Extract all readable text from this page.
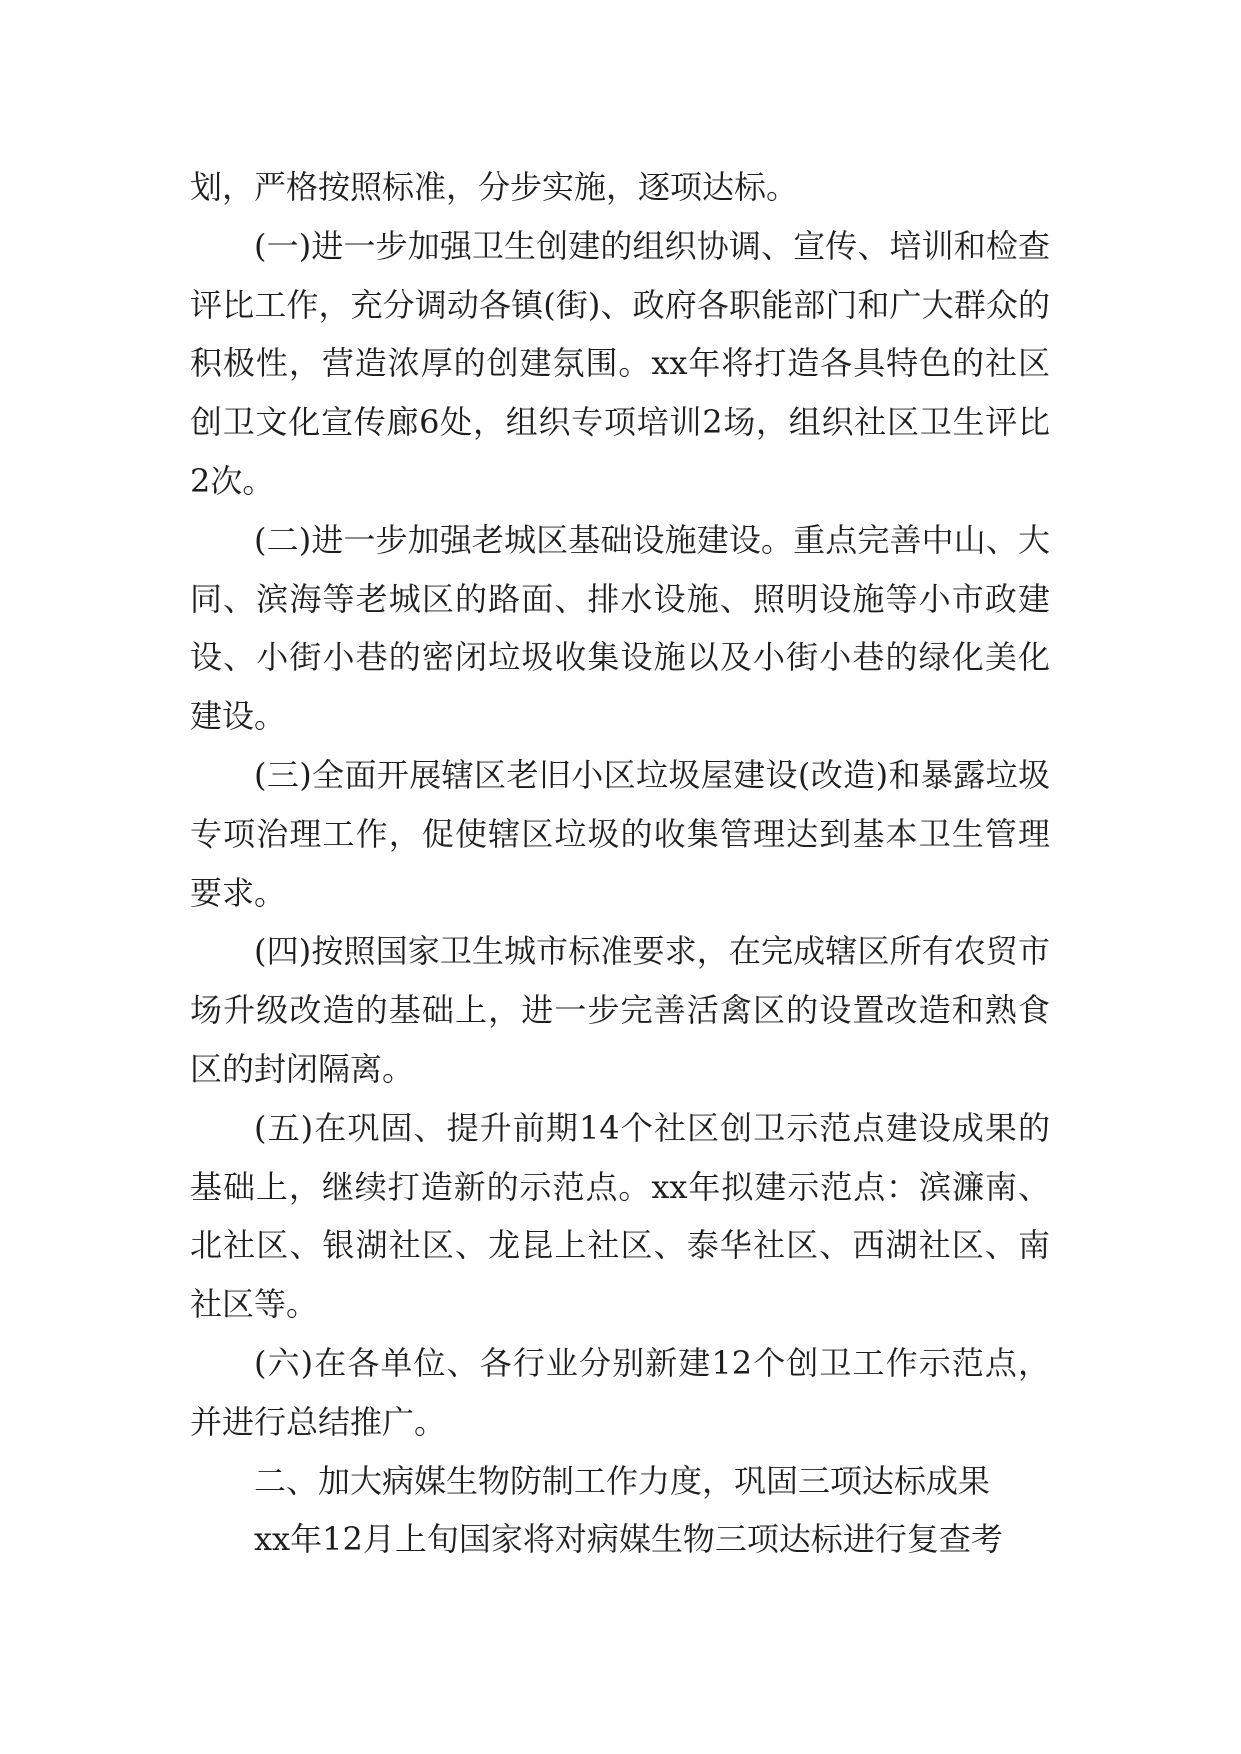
划，严格按照标准，分步实施，逐项达标。

(一)进一步加强卫生创建的组织协调、宣传、培训和检查评比工作，充分调动各镇(街)、政府各职能部门和广大群众的积极性，营造浓厚的创建氛围。xx年将打造各具特色的社区创卫文化宣传廊6处，组织专项培训2场，组织社区卫生评比2次。

(二)进一步加强老城区基础设施建设。重点完善中山、大同、滨海等老城区的路面、排水设施、照明设施等小市政建设、小街小巷的密闭垃圾收集设施以及小街小巷的绿化美化建设。

(三)全面开展辖区老旧小区垃圾屋建设(改造)和暴露垃圾专项治理工作，促使辖区垃圾的收集管理达到基本卫生管理要求。

(四)按照国家卫生城市标准要求，在完成辖区所有农贸市场升级改造的基础上，进一步完善活禽区的设置改造和熟食区的封闭隔离。

(五)在巩固、提升前期14个社区创卫示范点建设成果的基础上，继续打造新的示范点。xx年拟建示范点：滨濂南、北社区、银湖社区、龙昆上社区、泰华社区、西湖社区、南社区等。

(六)在各单位、各行业分别新建12个创卫工作示范点，并进行总结推广。

二、加大病媒生物防制工作力度，巩固三项达标成果

xx年12月上旬国家将对病媒生物三项达标进行复查考
